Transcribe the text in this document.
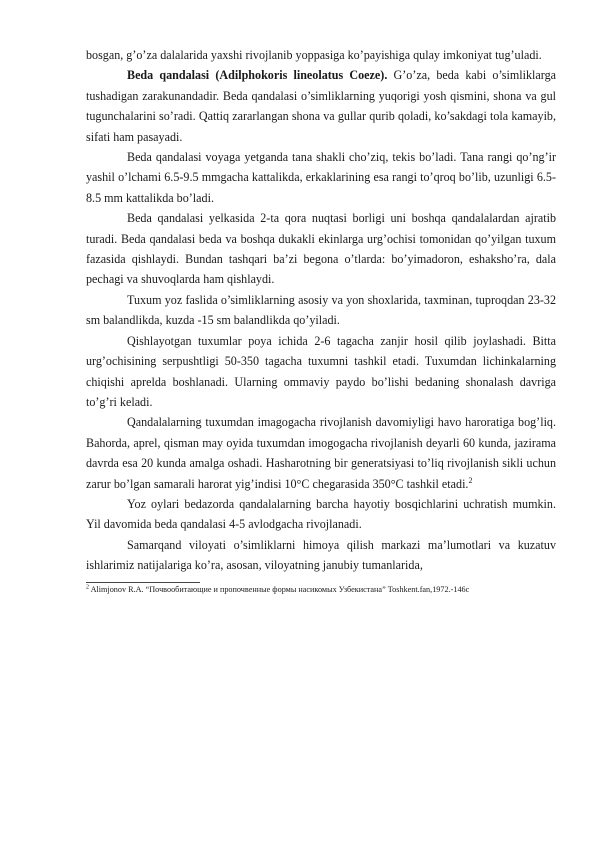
bosgan, g’o’za dalalarida yaxshi rivojlanib yoppasiga ko’payishiga qulay imkoniyat tug’uladi.

Beda qandalasi (Adilphokoris lineolatus Coeze). G’o’za, beda kabi o’simliklarga tushadigan zarakunandadir. Beda qandalasi o’simliklarning yuqorigi yosh qismini, shona va gul tugunchalarini so’radi. Qattiq zararlangan shona va gullar qurib qoladi, ko’sakdagi tola kamayib, sifati ham pasayadi.

Beda qandalasi voyaga yetganda tana shakli cho’ziq, tekis bo’ladi. Tana rangi qo’ng’ir yashil o’lchami 6.5-9.5 mmgacha kattalikda, erkaklarining esa rangi to’qroq bo’lib, uzunligi 6.5-8.5 mm kattalikda bo’ladi.

Beda qandalasi yelkasida 2-ta qora nuqtasi borligi uni boshqa qandalalardan ajratib turadi. Beda qandalasi beda va boshqa dukakli ekinlarga urg’ochisi tomonidan qo’yilgan tuxum fazasida qishlaydi. Bundan tashqari ba’zi begona o’tlarda: bo’yimadoron, eshaksho’ra, dala pechagi va shuvoqlarda ham qishlaydi.

Tuxum yoz faslida o’simliklarning asosiy va yon shoxlarida, taxminan, tuproqdan 23-32 sm balandlikda, kuzda -15 sm balandlikda qo’yiladi.

Qishlayotgan tuxumlar poya ichida 2-6 tagacha zanjir hosil qilib joylashadi. Bitta urg’ochisining serpushtligi 50-350 tagacha tuxumni tashkil etadi. Tuxumdan lichinkalarning chiqishi aprelda boshlanadi. Ularning ommaviy paydo bo’lishi bedaning shonalash davriga to’g’ri keladi.

Qandalalarning tuxumdan imagogacha rivojlanish davomiyligi havo haroratiga bog’liq. Bahorda, aprel, qisman may oyida tuxumdan imogogacha rivojlanish deyarli 60 kunda, jazirama davrda esa 20 kunda amalga oshadi. Hasharotning bir generatsiyasi to’liq rivojlanish sikli uchun zarur bo’lgan samarali harorat yig’indisi 10°C chegarasida 350°C tashkil etadi.$^2$

Yoz oylari bedazorda qandalalarning barcha hayotiy bosqichlarini uchratish mumkin. Yil davomida beda qandalasi 4-5 avlodgacha rivojlanadi.

Samarqand viloyati o’simliklarni himoya qilish markazi ma’lumotlari va kuzatuv ishlarimiz natijalariga ko’ra, asosan, viloyatning janubiy tumanlarida,

$^2$ Alimjonov R.A. “Почвообитающие и пропочвенные формы насикомых Узбекистана” Toshkent.fan,1972.-146с
